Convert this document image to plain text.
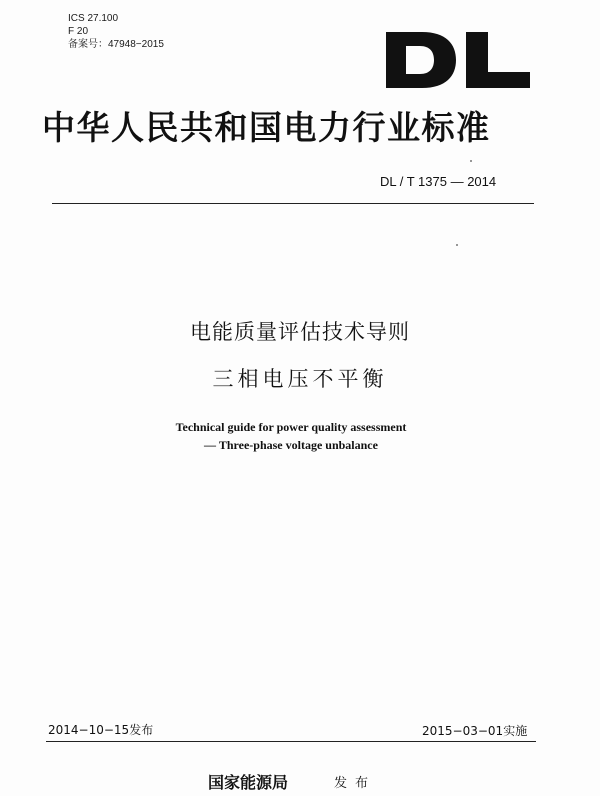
ICS 27.100
F 20
备案号：47948−2015
中华人民共和国电力行业标准
DL / T 1375 — 2014
电能质量评估技术导则
三相电压不平衡
Technical guide for power quality assessment
— Three-phase voltage unbalance
2014−10−15发布	2015−03−01实施
国家能源局	发布
